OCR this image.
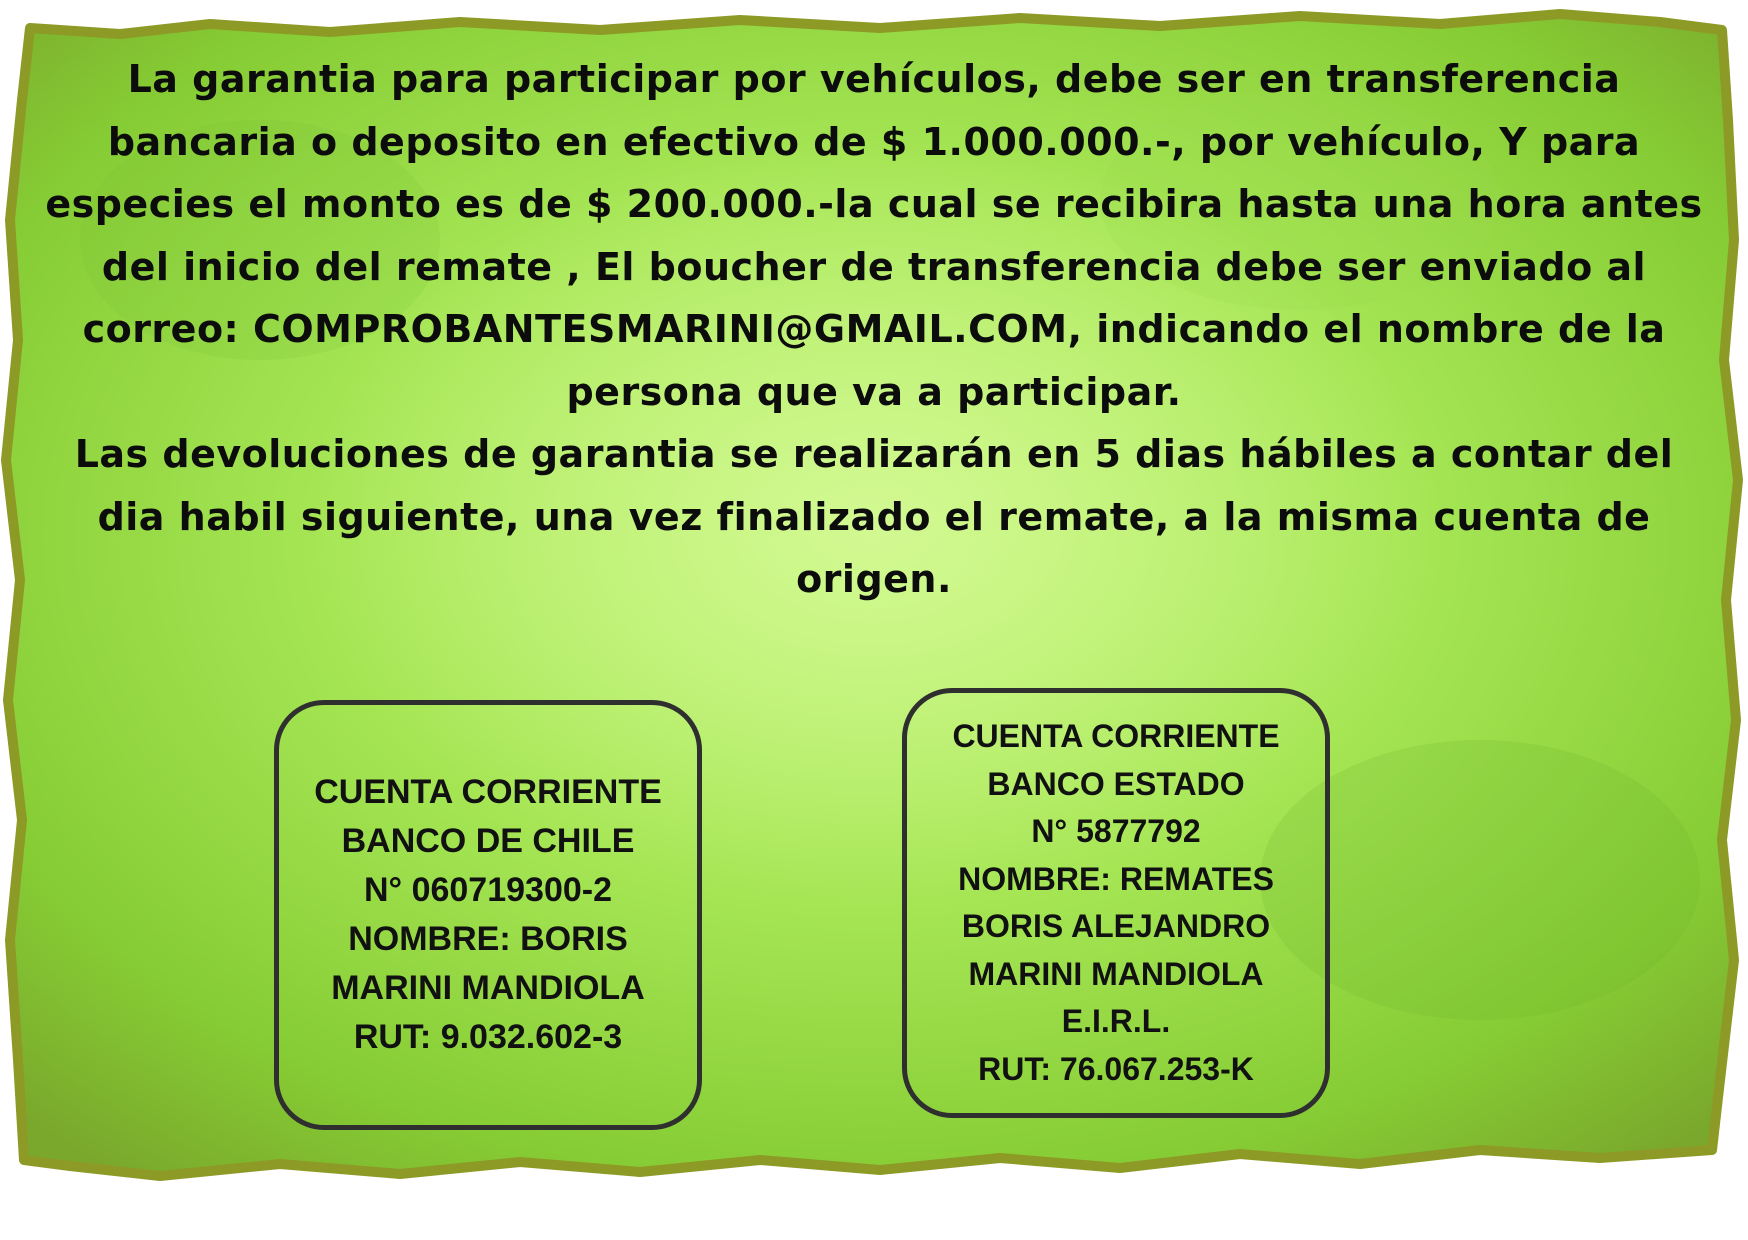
La garantia para participar por vehículos, debe ser en transferencia bancaria o deposito en efectivo de $ 1.000.000.-, por vehículo, Y para especies el monto es de $ 200.000.-la cual se recibira hasta una hora antes del inicio del remate , El boucher de transferencia debe ser enviado al correo: COMPROBANTESMARINI@GMAIL.COM, indicando el nombre de la persona que va a participar.

Las devoluciones de garantia se realizarán en 5 dias hábiles a contar del dia habil siguiente, una vez finalizado el remate, a la misma cuenta de origen.

CUENTA CORRIENTE
BANCO DE CHILE
N° 060719300-2
NOMBRE: BORIS
MARINI MANDIOLA
RUT: 9.032.602-3
CUENTA CORRIENTE
BANCO ESTADO
N° 5877792
NOMBRE: REMATES
BORIS ALEJANDRO
MARINI MANDIOLA
E.I.R.L.
RUT: 76.067.253-K
